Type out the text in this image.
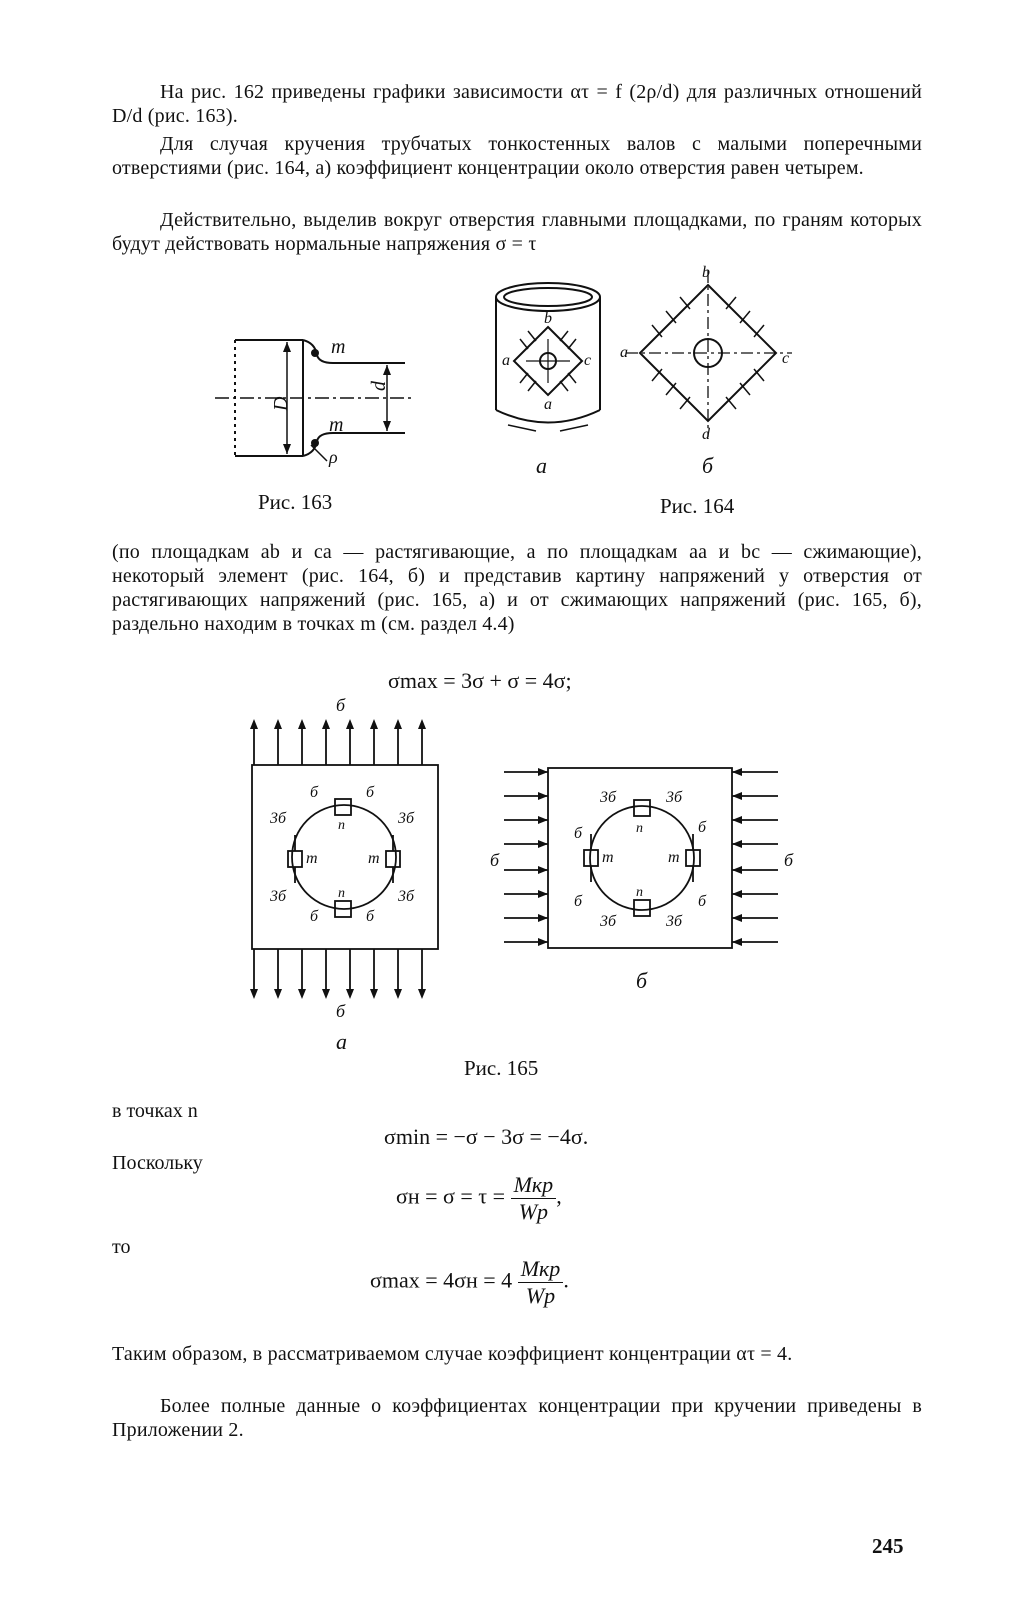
На рис. 162 приведены графики зависимости ατ = f (2ρ/d) для различных отношений D/d (рис. 163).
Для случая кручения трубчатых тонкостенных валов с малыми поперечными отверстиями (рис. 164, а) коэффициент концентрации около отверстия равен четырем.
Действительно, выделив вокруг отверстия главными площадками, по граням которых будут действовать нормальные напряжения σ = τ
m
m
D
d
ρ
b
a	c
a
a
b
a	c
d
б
Рис. 163	Рис. 164
(по площадкам ab и ca — растягивающие, а по площадкам aa и bc — сжимающие), некоторый элемент (рис. 164, б) и представив картину напряжений у отверстия от растягивающих напряжений (рис. 165, а) и от сжимающих напряжений (рис. 165, б), раздельно находим в точках m (см. раздел 4.4)
σmax = 3σ + σ = 4σ;
б
б	б
3б	3б
3б	3б
б	б
n
n
m	m
б
a
б	б
3б	3б
3б	3б
б	б
б	б
n
n
m	m
б
Рис. 165
в точках n
σmin = −σ − 3σ = −4σ.
Поскольку
$\sigma н = \sigma = \tau = \frac{\text{Mкр}}{Wp}$ ,
то
$\sigma\max = 4\sigma н = 4 \frac{\text{Mкр}}{Wp}$ .
Таким образом, в рассматриваемом случае коэффициент концентрации ατ = 4.
Более полные данные о коэффициентах концентрации при кручении приведены в Приложении 2.
245
